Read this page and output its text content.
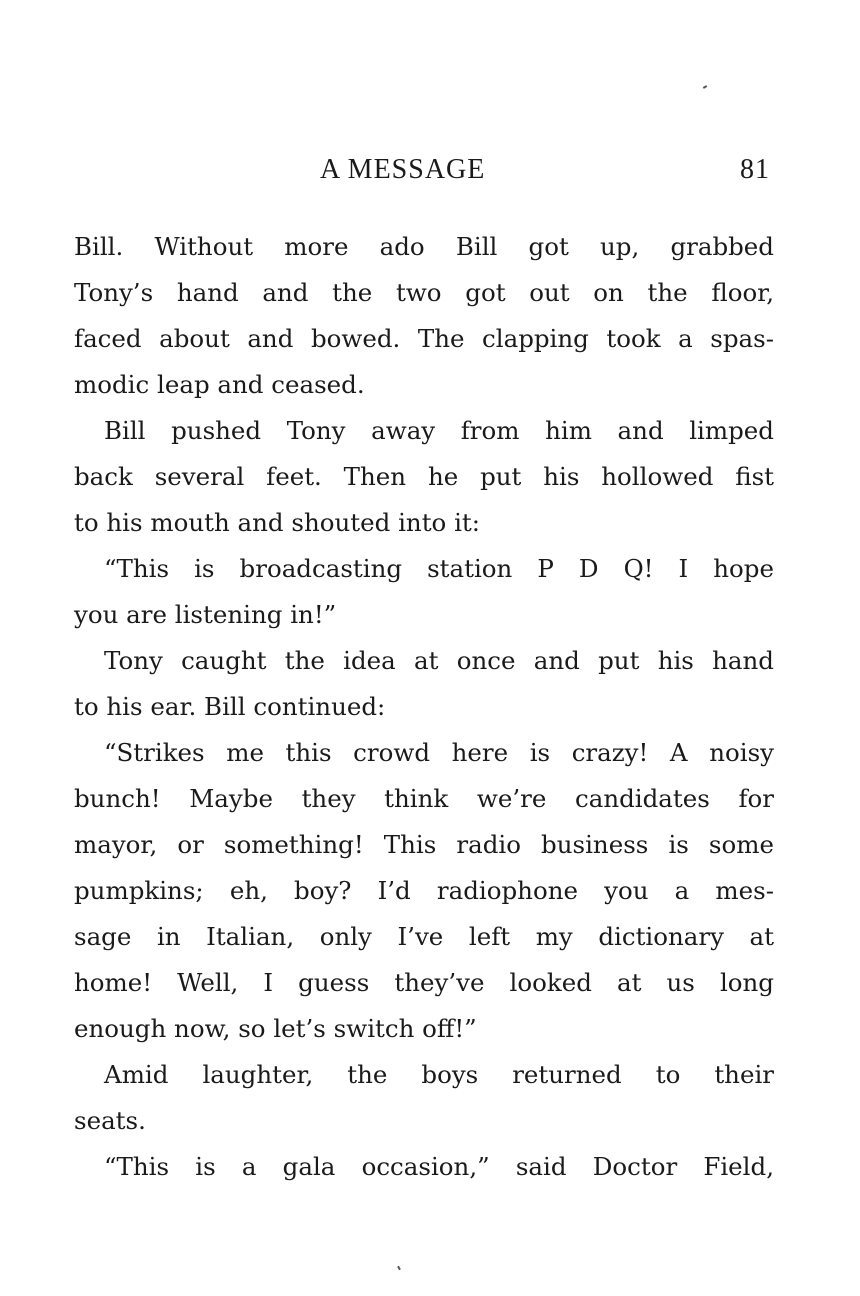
A MESSAGE	81
Bill. Without more ado Bill got up, grabbed
Tony’s hand and the two got out on the floor,
faced about and bowed. The clapping took a spas-
modic leap and ceased.
Bill pushed Tony away from him and limped
back several feet. Then he put his hollowed fist
to his mouth and shouted into it:
“This is broadcasting station P D Q! I hope
you are listening in!”
Tony caught the idea at once and put his hand
to his ear. Bill continued:
“Strikes me this crowd here is crazy! A noisy
bunch! Maybe they think we’re candidates for
mayor, or something! This radio business is some
pumpkins; eh, boy? I’d radiophone you a mes-
sage in Italian, only I’ve left my dictionary at
home! Well, I guess they’ve looked at us long
enough now, so let’s switch off!”
Amid laughter, the boys returned to their
seats.
“This is a gala occasion,” said Doctor Field,
